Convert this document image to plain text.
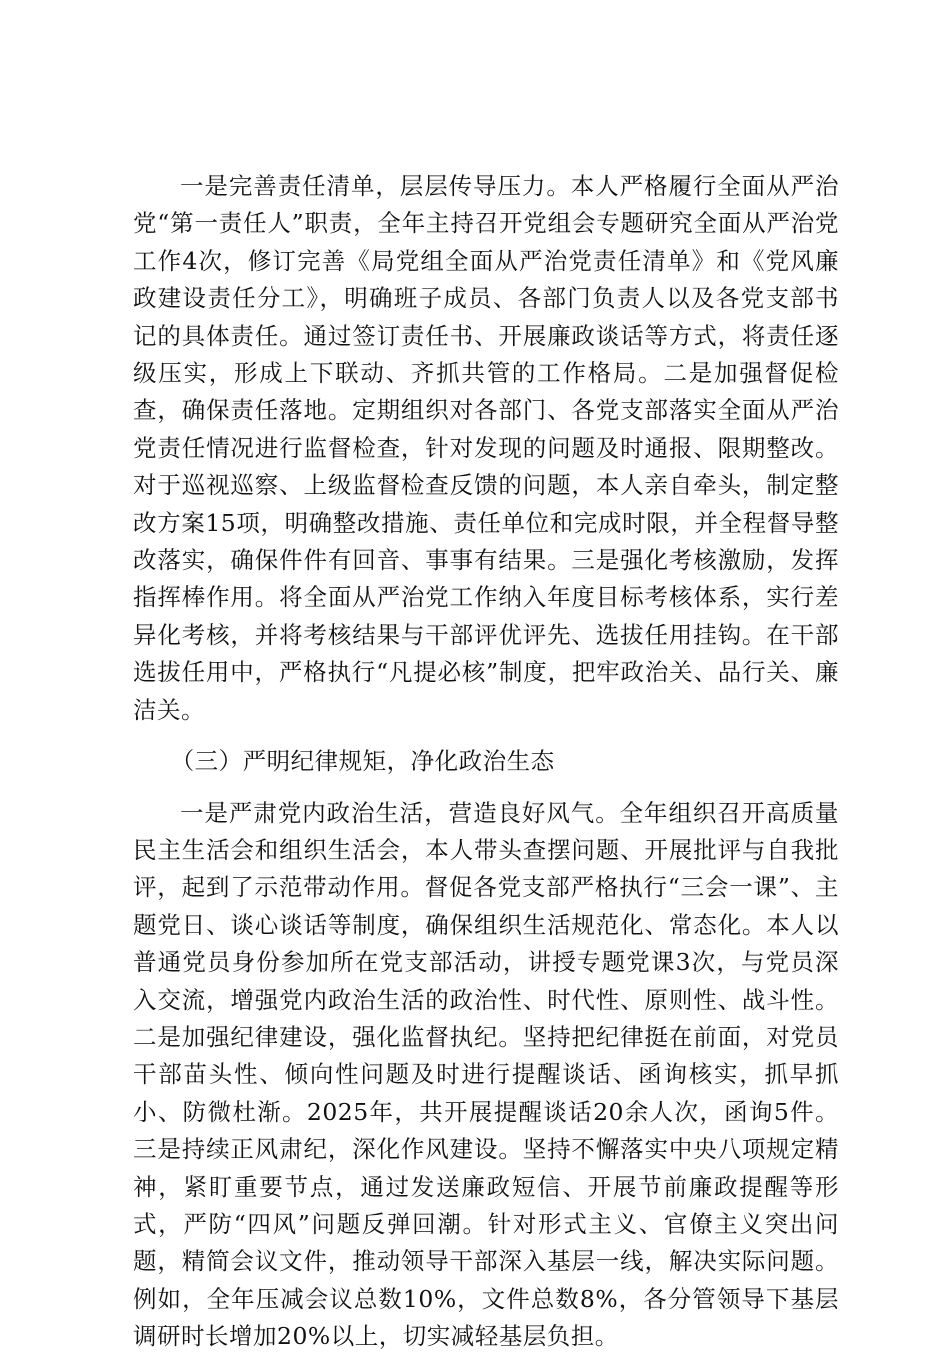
一是完善责任清单，层层传导压力。本人严格履行全面从严治党“第一责任人”职责，全年主持召开党组会专题研究全面从严治党工作4次，修订完善《局党组全面从严治党责任清单》和《党风廉政建设责任分工》，明确班子成员、各部门负责人以及各党支部书记的具体责任。通过签订责任书、开展廉政谈话等方式，将责任逐级压实，形成上下联动、齐抓共管的工作格局。二是加强督促检查，确保责任落地。定期组织对各部门、各党支部落实全面从严治党责任情况进行监督检查，针对发现的问题及时通报、限期整改。对于巡视巡察、上级监督检查反馈的问题，本人亲自牵头，制定整改方案15项，明确整改措施、责任单位和完成时限，并全程督导整改落实，确保件件有回音、事事有结果。三是强化考核激励，发挥指挥棒作用。将全面从严治党工作纳入年度目标考核体系，实行差异化考核，并将考核结果与干部评优评先、选拔任用挂钩。在干部选拔任用中，严格执行“凡提必核”制度，把牢政治关、品行关、廉洁关。

（三）严明纪律规矩，净化政治生态

一是严肃党内政治生活，营造良好风气。全年组织召开高质量民主生活会和组织生活会，本人带头查摆问题、开展批评与自我批评，起到了示范带动作用。督促各党支部严格执行“三会一课”、主题党日、谈心谈话等制度，确保组织生活规范化、常态化。本人以普通党员身份参加所在党支部活动，讲授专题党课3次，与党员深入交流，增强党内政治生活的政治性、时代性、原则性、战斗性。二是加强纪律建设，强化监督执纪。坚持把纪律挺在前面，对党员干部苗头性、倾向性问题及时进行提醒谈话、函询核实，抓早抓小、防微杜渐。2025年，共开展提醒谈话20余人次，函询5件。三是持续正风肃纪，深化作风建设。坚持不懈落实中央八项规定精神，紧盯重要节点，通过发送廉政短信、开展节前廉政提醒等形式，严防“四风”问题反弹回潮。针对形式主义、官僚主义突出问题，精简会议文件，推动领导干部深入基层一线，解决实际问题。例如，全年压减会议总数10%，文件总数8%，各分管领导下基层调研时长增加20%以上，切实减轻基层负担。
